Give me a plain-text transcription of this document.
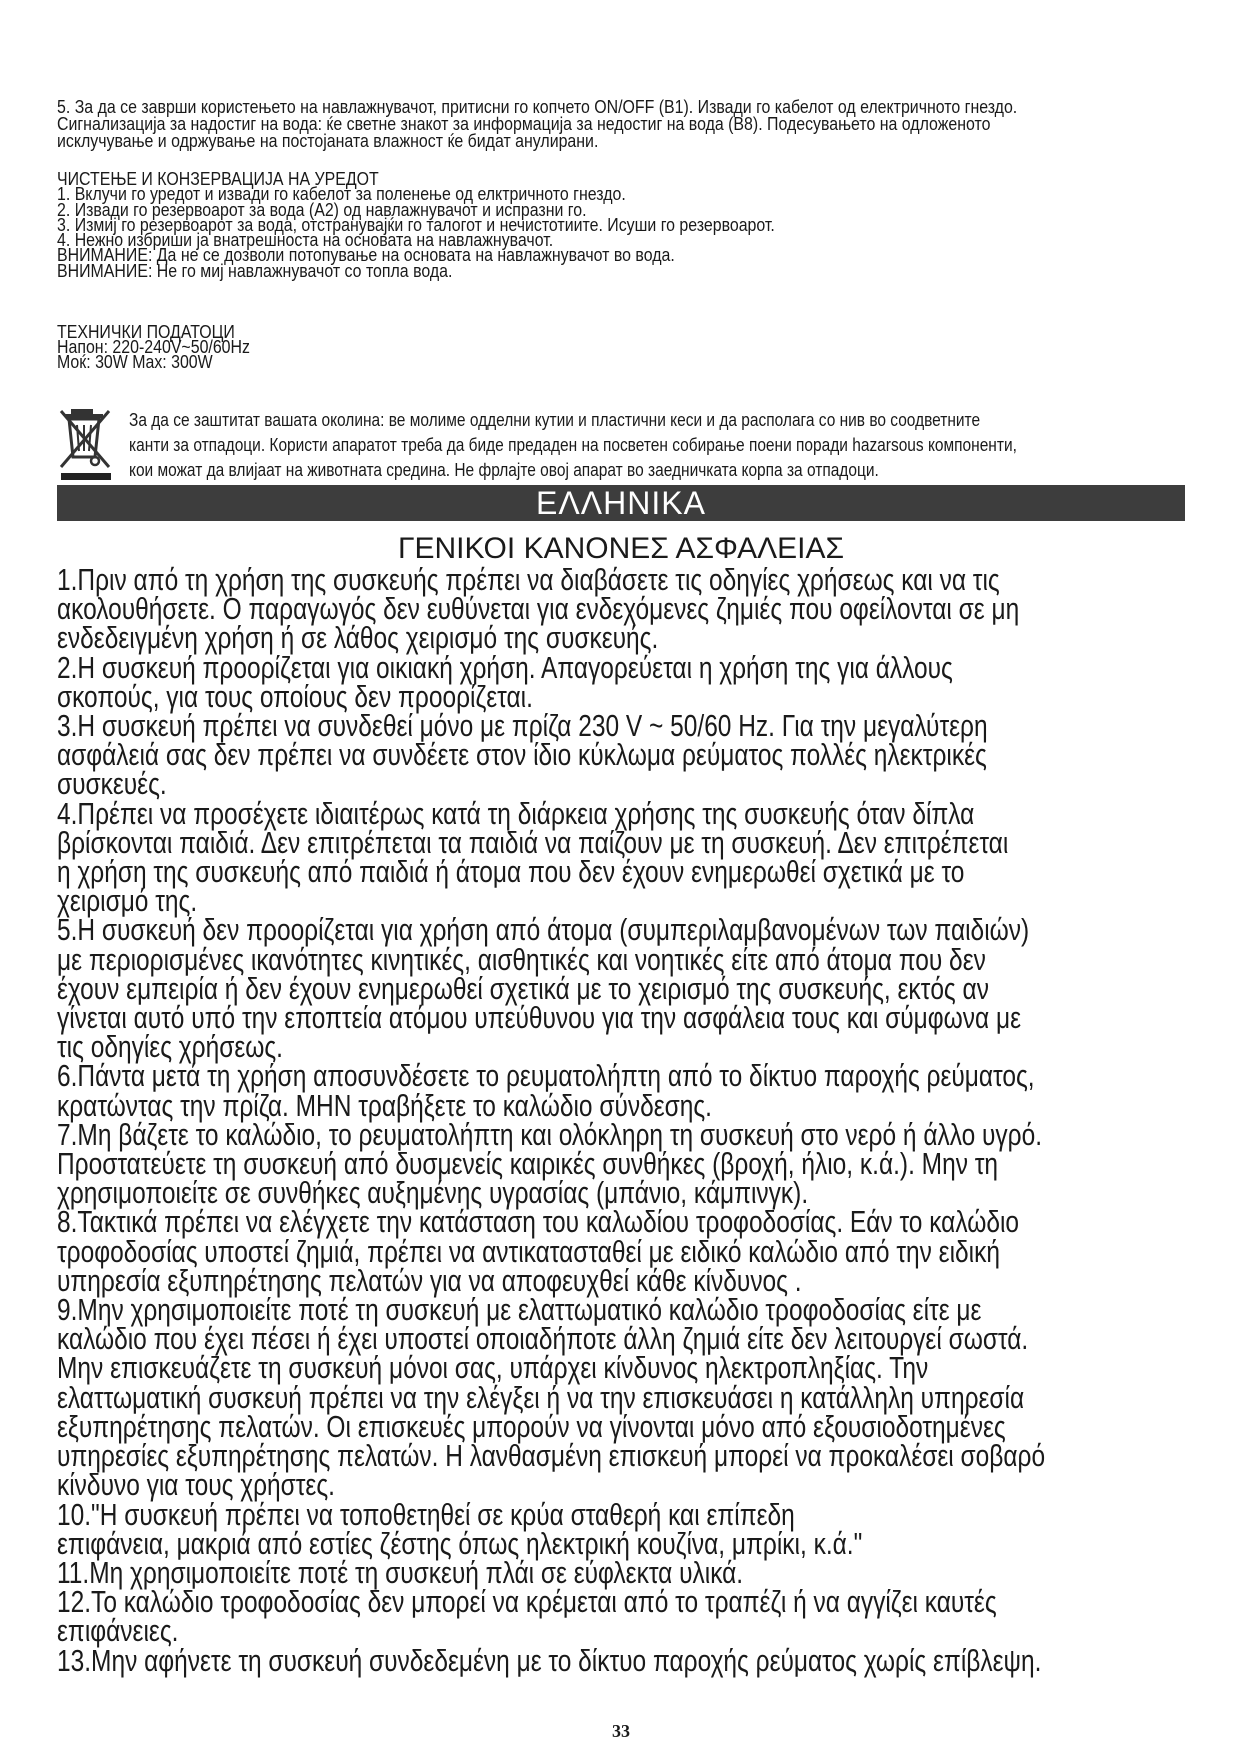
5. За да се заврши користењето на навлажнувачот, притисни го копчето ON/OFF (B1). Извади го кабелот од електричното гнездо.

Сигнализација за надостиг на вода: ќе светне знакот за информација за недостиг на вода (B8). Подесувањето на одложеното

исклучување и одржување на постојаната влажност ќе бидат анулирани.

ЧИСТЕЊЕ И КОНЗЕРВАЦИЈА НА УРЕДОТ

1. Вклучи го уредот и извади го кабелот за поленење од елктричното гнездо.

2. Извади го резервоарот за вода (A2) од навлажнувачот и испразни го.

3. Измиј го резервоарот за вода, отстранувајќи го талогот и нечистотиите. Исуши го резервоарот.

4. Нежно избриши ја внатрешноста на основата на навлажнувачот.

ВНИМАНИЕ: Да не се дозволи потопување на основата на навлажнувачот во вода.

ВНИМАНИЕ: Не го миј навлажнувачот со топла вода.

ТЕХНИЧКИ ПОДАТОЦИ

Напон: 220-240V~50/60Hz

Моќ: 30W Max: 300W

За да се заштитат вашата околина: ве молиме одделни кутии и пластични кеси и да располага со нив во соодветните

канти за отпадоци. Користи апаратот треба да биде предаден на посветен собирање поени поради hazarsous компоненти,

кои можат да влијаат на животната средина. Не фрлајте овој апарат во заедничката корпа за отпадоци.

ΕΛΛΗΝΙΚΑ
ΓΕΝΙΚΟΙ ΚΑΝΟΝΕΣ ΑΣΦΑΛΕΙΑΣ

1.Πριν από τη χρήση της συσκευής πρέπει να διαβάσετε τις οδηγίες χρήσεως και να τις

ακολουθήσετε. Ο παραγωγός δεν ευθύνεται για ενδεχόμενες ζημιές που οφείλονται σε μη

ενδεδειγμένη χρήση ή σε λάθος χειρισμό της συσκευής.

2.Η συσκευή προορίζεται για οικιακή χρήση. Απαγορεύεται η χρήση της για άλλους

σκοπούς, για τους οποίους δεν προορίζεται.

3.Η συσκευή πρέπει να συνδεθεί μόνο με πρίζα 230 V ~ 50/60 Hz. Για την μεγαλύτερη

ασφάλειά σας δεν πρέπει να συνδέετε στον ίδιο κύκλωμα ρεύματος πολλές ηλεκτρικές

συσκευές.

4.Πρέπει να προσέχετε ιδιαιτέρως κατά τη διάρκεια χρήσης της συσκευής όταν δίπλα

βρίσκονται παιδιά. Δεν επιτρέπεται τα παιδιά να παίζουν με τη συσκευή. Δεν επιτρέπεται

η χρήση της συσκευής από παιδιά ή άτομα που δεν έχουν ενημερωθεί σχετικά με το

χειρισμό της.

5.Η συσκευή δεν προορίζεται για χρήση από άτομα (συμπεριλαμβανομένων των παιδιών)

με περιορισμένες ικανότητες κινητικές, αισθητικές και νοητικές είτε από άτομα που δεν

έχουν εμπειρία ή δεν έχουν ενημερωθεί σχετικά με το χειρισμό της συσκευής, εκτός αν

γίνεται αυτό υπό την εποπτεία ατόμου υπεύθυνου για την ασφάλεια τους και σύμφωνα με

τις οδηγίες χρήσεως.

6.Πάντα μετά τη χρήση αποσυνδέσετε το ρευματολήπτη από το δίκτυο παροχής ρεύματος,

κρατώντας την πρίζα. ΜΗΝ τραβήξετε το καλώδιο σύνδεσης.

7.Μη βάζετε το καλώδιο, το ρευματολήπτη και ολόκληρη τη συσκευή στο νερό ή άλλο υγρό.

Προστατεύετε τη συσκευή από δυσμενείς καιρικές συνθήκες (βροχή, ήλιο, κ.ά.). Μην τη

χρησιμοποιείτε σε συνθήκες αυξημένης υγρασίας (μπάνιο, κάμπινγκ).

8.Τακτικά πρέπει να ελέγχετε την κατάσταση του καλωδίου τροφοδοσίας. Εάν το καλώδιο

τροφοδοσίας υποστεί ζημιά, πρέπει να αντικατασταθεί με ειδικό καλώδιο από την ειδική

υπηρεσία εξυπηρέτησης πελατών για να αποφευχθεί κάθε κίνδυνος .

9.Μην χρησιμοποιείτε ποτέ τη συσκευή με ελαττωματικό καλώδιο τροφοδοσίας είτε με

καλώδιο που έχει πέσει ή έχει υποστεί οποιαδήποτε άλλη ζημιά είτε δεν λειτουργεί σωστά.

Μην επισκευάζετε τη συσκευή μόνοι σας, υπάρχει κίνδυνος ηλεκτροπληξίας. Την

ελαττωματική συσκευή πρέπει να την ελέγξει ή να την επισκευάσει η κατάλληλη υπηρεσία

εξυπηρέτησης πελατών. Οι επισκευές μπορούν να γίνονται μόνο από εξουσιοδοτημένες

υπηρεσίες εξυπηρέτησης πελατών. Η λανθασμένη επισκευή μπορεί να προκαλέσει σοβαρό

κίνδυνο για τους χρήστες.

10."Η συσκευή πρέπει να τοποθετηθεί σε κρύα σταθερή και επίπεδη

επιφάνεια, μακριά από εστίες ζέστης όπως ηλεκτρική κουζίνα, μπρίκι, κ.ά."

11.Μη χρησιμοποιείτε ποτέ τη συσκευή πλάι σε εύφλεκτα υλικά.

12.Το καλώδιο τροφοδοσίας δεν μπορεί να κρέμεται από το τραπέζι ή να αγγίζει καυτές

επιφάνειες.

13.Μην αφήνετε τη συσκευή συνδεδεμένη με το δίκτυο παροχής ρεύματος χωρίς επίβλεψη.

33
